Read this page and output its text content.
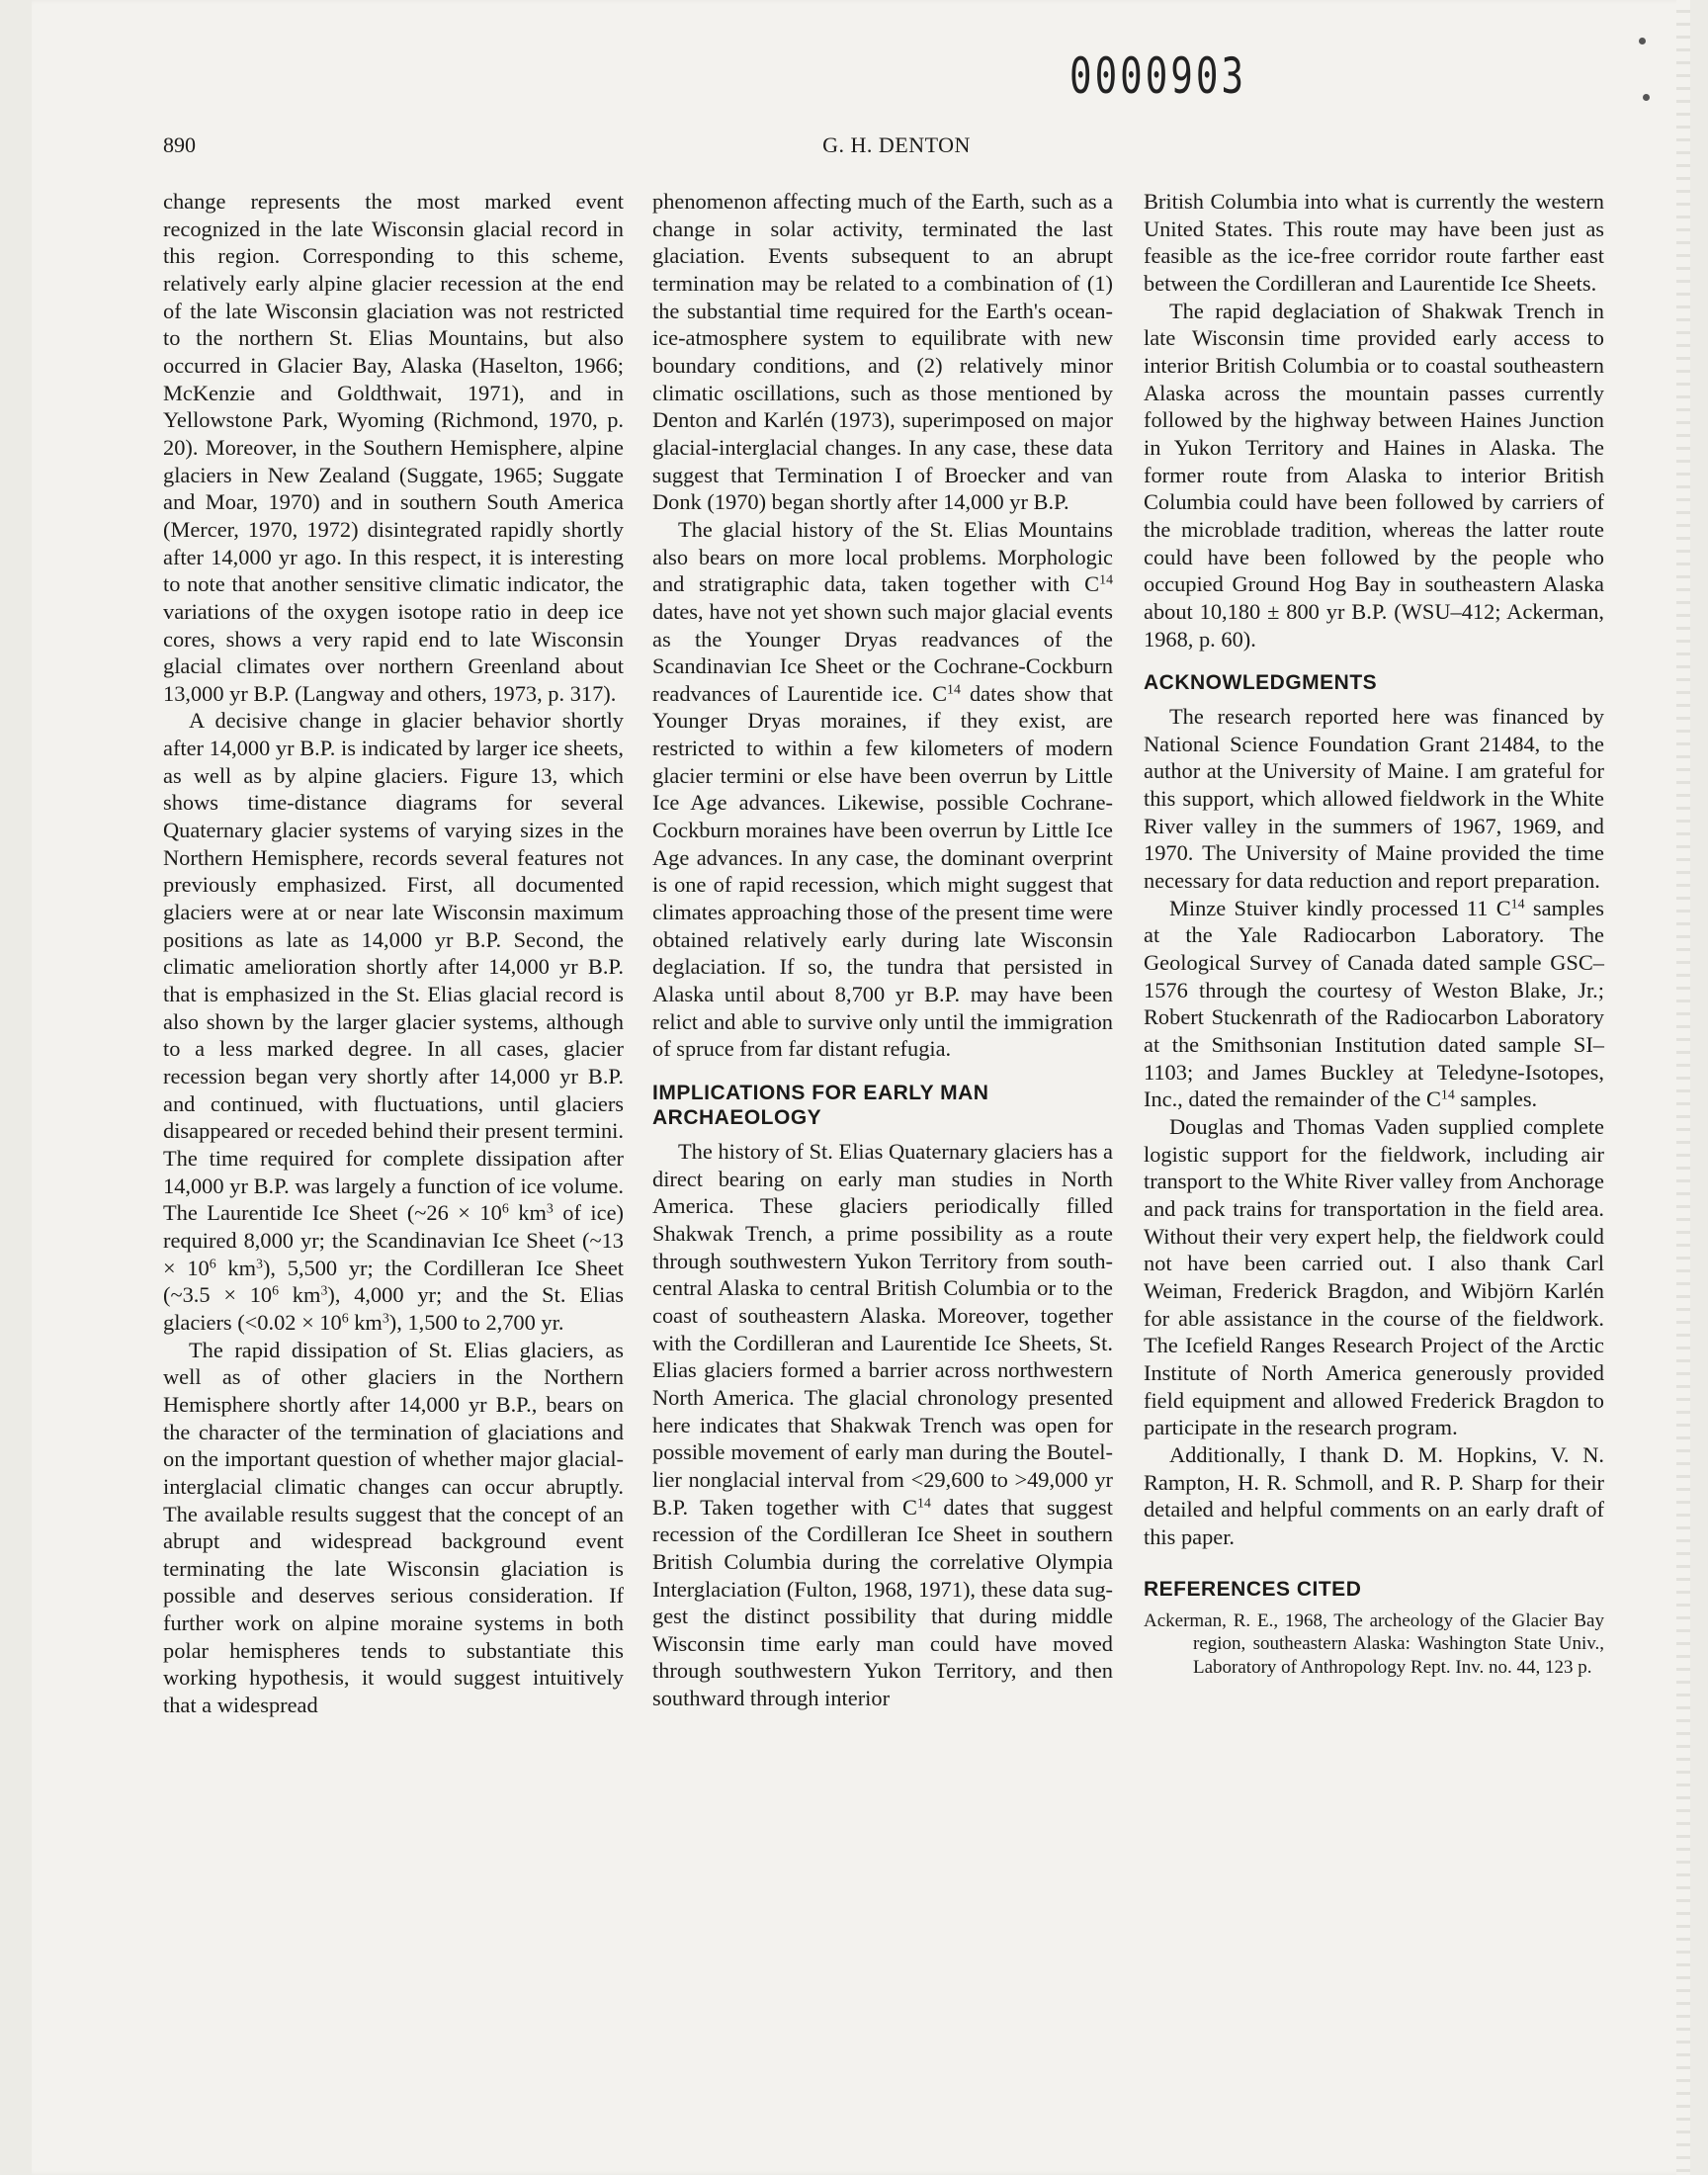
0000903
890	G. H. DENTON

change represents the most marked event recognized in the late Wisconsin glacial record in this region. Corresponding to this scheme, relatively early alpine glacier recession at the end of the late Wisconsin glaciation was not restricted to the northern St. Elias Mountains, but also occurred in Glacier Bay, Alaska (Haselton, 1966; McKenzie and Goldthwait, 1971), and in Yellowstone Park, Wyoming (Richmond, 1970, p. 20). Moreover, in the Southern Hemisphere, alpine glaciers in New Zealand (Suggate, 1965; Suggate and Moar, 1970) and in southern South America (Mercer, 1970, 1972) disintegrated rapidly shortly after 14,000 yr ago. In this respect, it is interesting to note that another sensitive climatic indicator, the variations of the oxygen isotope ratio in deep ice cores, shows a very rapid end to late Wisconsin glacial climates over northern Greenland about 13,000 yr B.P. (Langway and others, 1973, p. 317).

A decisive change in glacier behavior shortly after 14,000 yr B.P. is indicated by larger ice sheets, as well as by alpine glaciers. Figure 13, which shows time-distance diagrams for several Quaternary glacier systems of varying sizes in the Northern Hemisphere, records several features not previously emphasized. First, all documented glaciers were at or near late Wisconsin maximum positions as late as 14,000 yr B.P. Second, the climatic amelioration shortly after 14,000 yr B.P. that is emphasized in the St. Elias glacial record is also shown by the larger glacier systems, although to a less marked degree. In all cases, glacier recession began very shortly after 14,000 yr B.P. and continued, with fluctuations, until glaciers disappeared or receded behind their present termini. The time required for complete dissipation after 14,000 yr B.P. was largely a function of ice volume. The Laurentide Ice Sheet (~26 × $10^6$ $km^3$ of ice) required 8,000 yr; the Scandinavian Ice Sheet (~13 × $10^6$ $km^3$), 5,500 yr; the Cordilleran Ice Sheet (~3.5 × $10^6$ $km^3$), 4,000 yr; and the St. Elias glaciers ($<0.02 \times 10^6$ $km^3$), 1,500 to 2,700 yr.

The rapid dissipation of St. Elias glaciers, as well as of other glaciers in the Northern Hemisphere shortly after 14,000 yr B.P., bears on the character of the termination of glaciations and on the important question of whether major glacial-interglacial climatic changes can occur abruptly. The available results suggest that the concept of an abrupt and widespread background event terminating the late Wisconsin glaciation is possible and deserves serious consideration. If further work on alpine moraine systems in both polar hemispheres tends to substantiate this working hypothesis, it would suggest intuitively that a widespread

phenomenon affecting much of the Earth, such as a change in solar activity, terminated the last glaciation. Events subsequent to an abrupt termination may be related to a combination of (1) the substantial time required for the Earth's ocean-ice-atmosphere system to equilibrate with new boundary conditions, and (2) relatively minor climatic oscillations, such as those mentioned by Denton and Karlén (1973), superimposed on major glacial-interglacial changes. In any case, these data suggest that Termination I of Broecker and van Donk (1970) began shortly after 14,000 yr B.P.

The glacial history of the St. Elias Mountains also bears on more local problems. Morphologic and stratigraphic data, taken together with $C^{14}$ dates, have not yet shown such major glacial events as the Younger Dryas readvances of the Scandinavian Ice Sheet or the Cochrane-Cockburn readvances of Laurentide ice. $C^{14}$ dates show that Younger Dryas moraines, if they exist, are restricted to within a few kilometers of modern glacier termini or else have been overrun by Little Ice Age advances. Likewise, possible Cochrane-Cockburn moraines have been overrun by Little Ice Age advances. In any case, the dominant overprint is one of rapid recession, which might suggest that climates approaching those of the present time were obtained relatively early during late Wisconsin deglaciation. If so, the tundra that persisted in Alaska until about 8,700 yr B.P. may have been relict and able to survive only until the immigration of spruce from far distant refugia.

IMPLICATIONS FOR EARLY MAN ARCHAEOLOGY

The history of St. Elias Quaternary glaciers has a direct bearing on early man studies in North America. These glaciers periodically filled Shakwak Trench, a prime possibility as a route through southwestern Yukon Territory from south-central Alaska to central British Columbia or to the coast of southeastern Alaska. Moreover, together with the Cordilleran and Laurentide Ice Sheets, St. Elias glaciers formed a barrier across northwestern North America. The glacial chronology presented here indicates that Shakwak Trench was open for possible movement of early man during the Boutellier nonglacial interval from <29,600 to >49,000 yr B.P. Taken together with $C^{14}$ dates that suggest recession of the Cordilleran Ice Sheet in southern British Columbia during the correlative Olympia Interglaciation (Fulton, 1968, 1971), these data suggest the distinct possibility that during middle Wisconsin time early man could have moved through southwestern Yukon Territory, and then southward through interior

British Columbia into what is currently the western United States. This route may have been just as feasible as the ice-free corridor route farther east between the Cordilleran and Laurentide Ice Sheets.

The rapid deglaciation of Shakwak Trench in late Wisconsin time provided early access to interior British Columbia or to coastal southeastern Alaska across the mountain passes currently followed by the highway between Haines Junction in Yukon Territory and Haines in Alaska. The former route from Alaska to interior British Columbia could have been followed by carriers of the microblade tradition, whereas the latter route could have been followed by the people who occupied Ground Hog Bay in southeastern Alaska about 10,180 ± 800 yr B.P. (WSU–412; Ackerman, 1968, p. 60).

ACKNOWLEDGMENTS

The research reported here was financed by National Science Foundation Grant 21484, to the author at the University of Maine. I am grateful for this support, which allowed fieldwork in the White River valley in the summers of 1967, 1969, and 1970. The University of Maine provided the time necessary for data reduction and report preparation.

Minze Stuiver kindly processed 11 $C^{14}$ samples at the Yale Radiocarbon Laboratory. The Geological Survey of Canada dated sample GSC–1576 through the courtesy of Weston Blake, Jr.; Robert Stuckenrath of the Radiocarbon Laboratory at the Smithsonian Institution dated sample SI–1103; and James Buckley at Teledyne-Isotopes, Inc., dated the remainder of the $C^{14}$ samples.

Douglas and Thomas Vaden supplied complete logistic support for the fieldwork, including air transport to the White River valley from Anchorage and pack trains for transportation in the field area. Without their very expert help, the fieldwork could not have been carried out. I also thank Carl Weiman, Frederick Bragdon, and Wibjörn Karlén for able assistance in the course of the fieldwork. The Icefield Ranges Research Project of the Arctic Institute of North America generously provided field equipment and allowed Frederick Bragdon to participate in the research program.

Additionally, I thank D. M. Hopkins, V. N. Rampton, H. R. Schmoll, and R. P. Sharp for their detailed and helpful comments on an early draft of this paper.

REFERENCES CITED

Ackerman, R. E., 1968, The archeology of the Glacier Bay region, southeastern Alaska: Washington State Univ., Laboratory of Anthropology Rept. Inv. no. 44, 123 p.
